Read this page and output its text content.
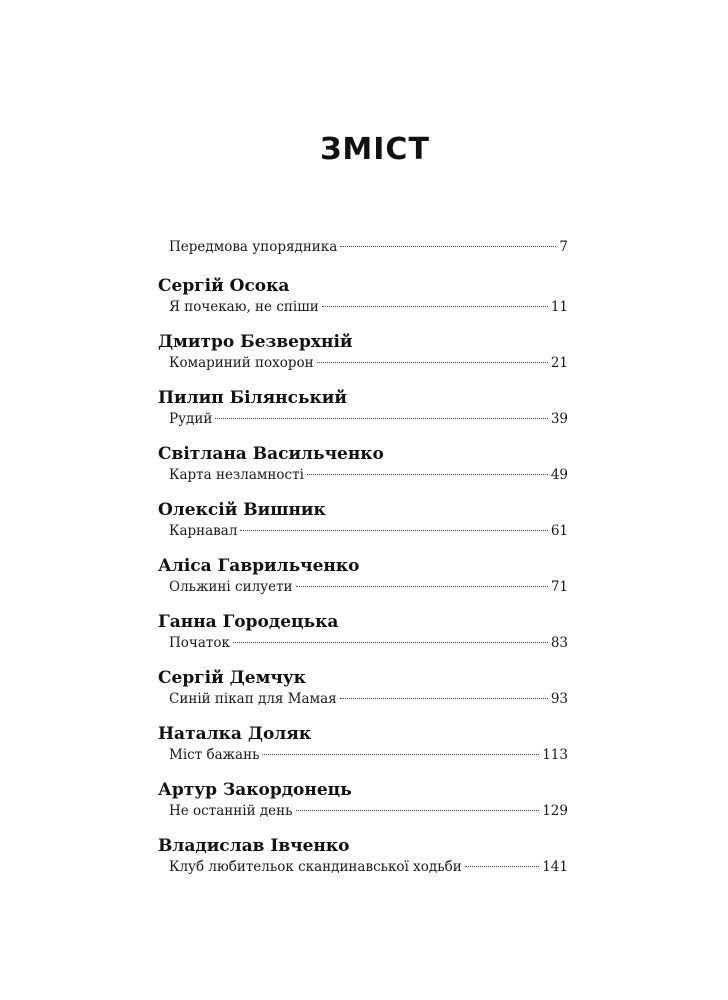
ЗМІСТ
Передмова упорядника	7
Сергій Осока
Я почекаю, не спіши	11
Дмитро Безверхній
Комариний похорон	21
Пилип Білянський
Рудий	39
Світлана Васильченко
Карта незламності	49
Олексій Вишник
Карнавал	61
Аліса Гаврильченко
Ольжині силуети	71
Ганна Городецька
Початок	83
Сергій Демчук
Синій пікап для Мамая	93
Наталка Доляк
Міст бажань	113
Артур Закордонець
Не останній день	129
Владислав Івченко
Клуб любительок скандинавської ходьби	141
